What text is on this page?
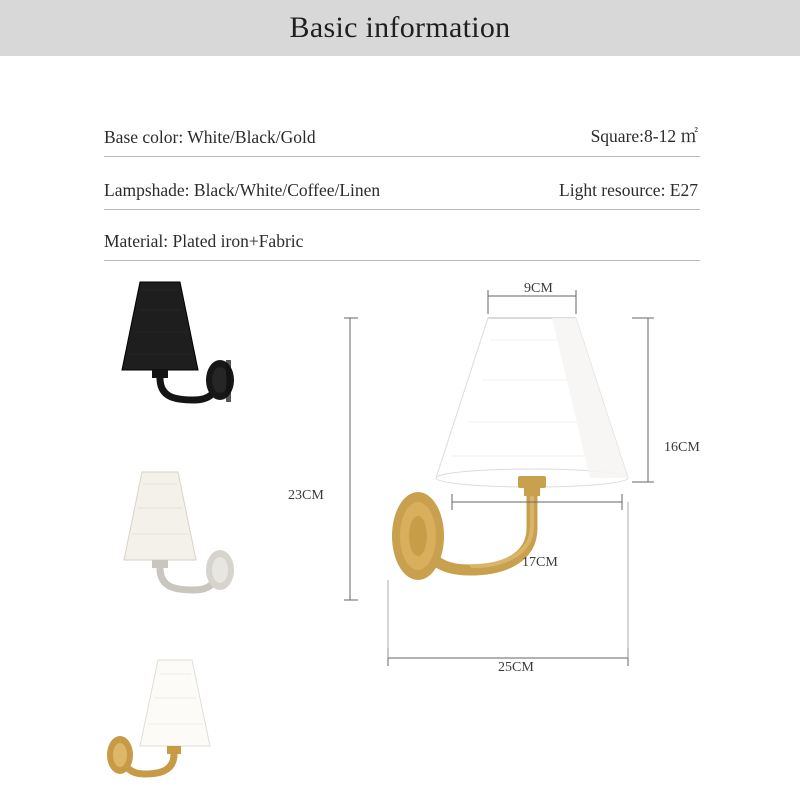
Basic information
Base color: White/Black/Gold	Square:8-12 ㎡
Lampshade: Black/White/Coffee/Linen	Light resource: E27
Material: Plated iron+Fabric
9CM
16CM
17CM
23CM
25CM
